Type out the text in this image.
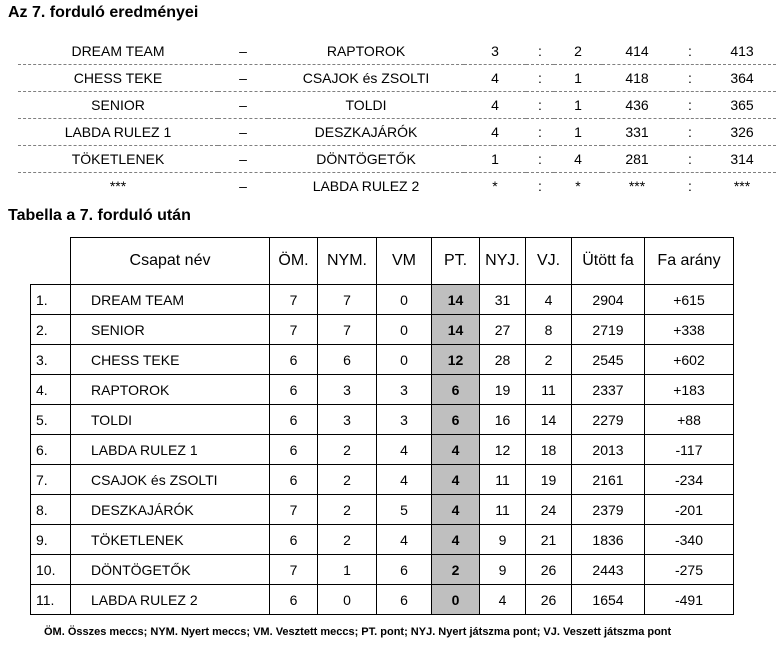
Az 7. forduló eredményei
DREAM TEAM	–	RAPTOROK	3	:	2	414	:	413
CHESS TEKE	–	CSAJOK és ZSOLTI	4	:	1	418	:	364
SENIOR	–	TOLDI	4	:	1	436	:	365
LABDA RULEZ 1	–	DESZKAJÁRÓK	4	:	1	331	:	326
TÖKETLENEK	–	DÖNTÖGETŐK	1	:	4	281	:	314
***	–	LABDA RULEZ 2	*	:	*	***	:	***
Tabella a 7. forduló után
	Csapat név	ÖM.	NYM.	VM	PT.	NYJ.	VJ.	Ütött fa	Fa arány
1.	DREAM TEAM	7	7	0	14	31	4	2904	+615
2.	SENIOR	7	7	0	14	27	8	2719	+338
3.	CHESS TEKE	6	6	0	12	28	2	2545	+602
4.	RAPTOROK	6	3	3	6	19	11	2337	+183
5.	TOLDI	6	3	3	6	16	14	2279	+88
6.	LABDA RULEZ 1	6	2	4	4	12	18	2013	-117
7.	CSAJOK és ZSOLTI	6	2	4	4	11	19	2161	-234
8.	DESZKAJÁRÓK	7	2	5	4	11	24	2379	-201
9.	TÖKETLENEK	6	2	4	4	9	21	1836	-340
10.	DÖNTÖGETŐK	7	1	6	2	9	26	2443	-275
11.	LABDA RULEZ 2	6	0	6	0	4	26	1654	-491
ÖM. Összes meccs; NYM. Nyert meccs; VM. Vesztett meccs; PT. pont; NYJ. Nyert játszma pont; VJ. Veszett játszma pont
